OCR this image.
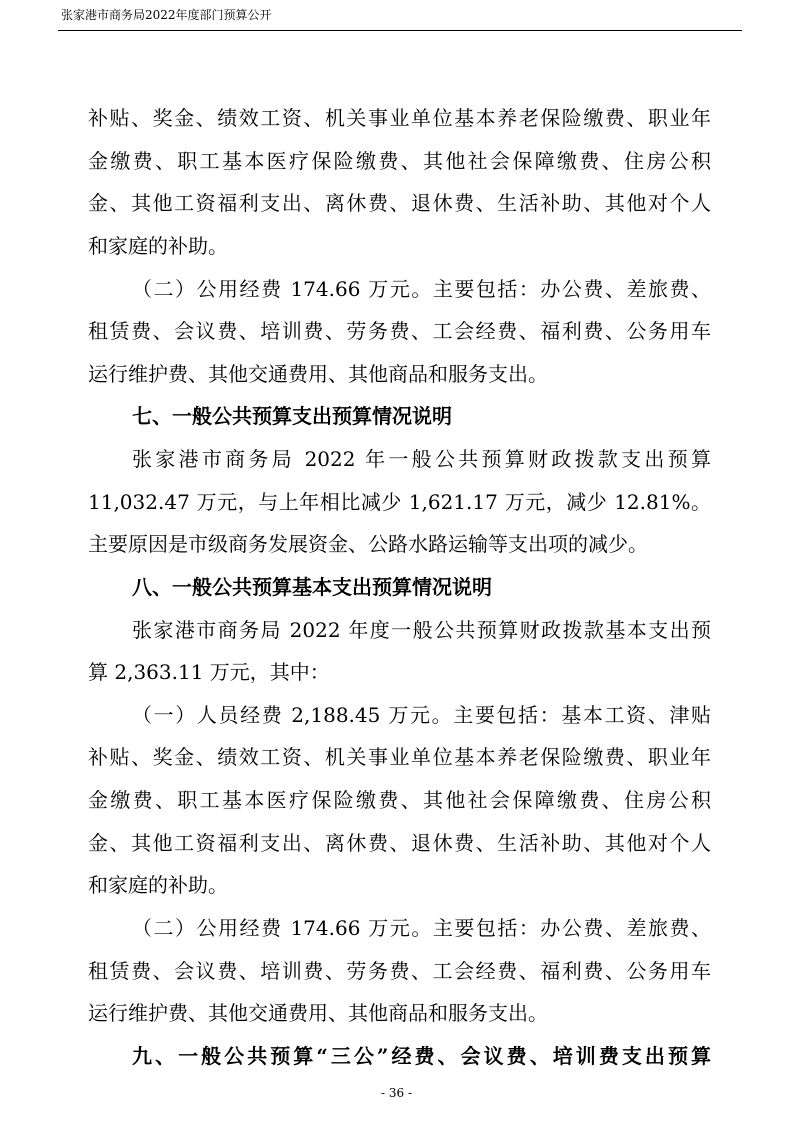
张家港市商务局2022年度部门预算公开
补贴、奖金、绩效工资、机关事业单位基本养老保险缴费、职业年
金缴费、职工基本医疗保险缴费、其他社会保障缴费、住房公积
金、其他工资福利支出、离休费、退休费、生活补助、其他对个人
和家庭的补助。
（二）公用经费 174.66 万元。主要包括：办公费、差旅费、
租赁费、会议费、培训费、劳务费、工会经费、福利费、公务用车
运行维护费、其他交通费用、其他商品和服务支出。
七、一般公共预算支出预算情况说明
张家港市商务局 2022 年一般公共预算财政拨款支出预算
11,032.47 万元，与上年相比减少 1,621.17 万元，减少 12.81%。
主要原因是市级商务发展资金、公路水路运输等支出项的减少。
八、一般公共预算基本支出预算情况说明
张家港市商务局 2022 年度一般公共预算财政拨款基本支出预
算 2,363.11 万元，其中：
（一）人员经费 2,188.45 万元。主要包括：基本工资、津贴
补贴、奖金、绩效工资、机关事业单位基本养老保险缴费、职业年
金缴费、职工基本医疗保险缴费、其他社会保障缴费、住房公积
金、其他工资福利支出、离休费、退休费、生活补助、其他对个人
和家庭的补助。
（二）公用经费 174.66 万元。主要包括：办公费、差旅费、
租赁费、会议费、培训费、劳务费、工会经费、福利费、公务用车
运行维护费、其他交通费用、其他商品和服务支出。
九、一般公共预算“三公”经费、会议费、培训费支出预算
- 36 -
